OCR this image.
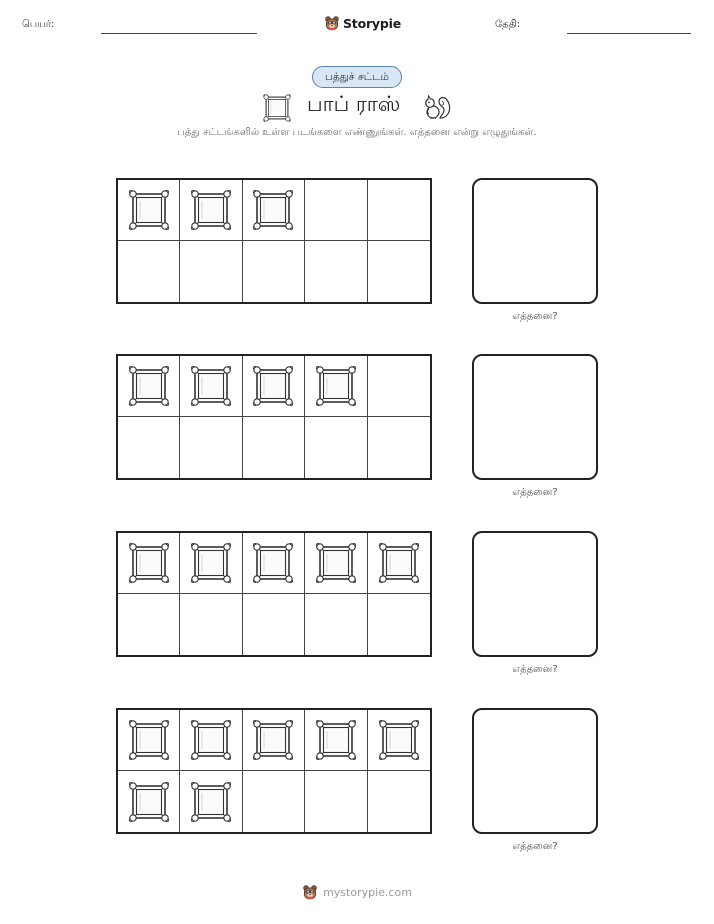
பெயர்:	Storypie	தேதி:
பத்துச் சட்டம்
பாப் ராஸ்
பத்து சட்டங்களில் உள்ள படங்களை எண்ணுங்கள். எத்தனை என்று எழுதுங்கள்.
எத்தனை?
எத்தனை?
எத்தனை?
எத்தனை?
mystorypie.com
